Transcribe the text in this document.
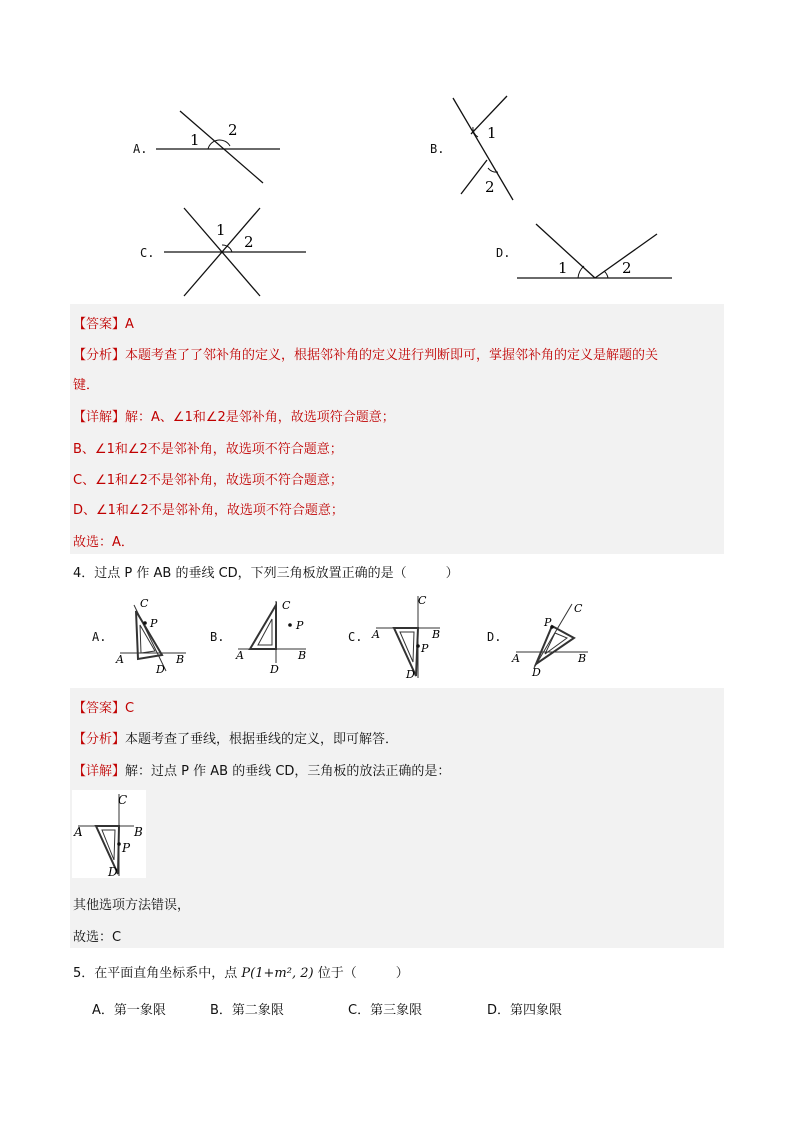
A.	1
2
B.
1
2
C.
1
2
D.
1	2
【答案】A
【分析】本题考查了了邻补角的定义，根据邻补角的定义进行判断即可，掌握邻补角的定义是解题的关
键．
【详解】解：A、∠1和∠2是邻补角，故选项符合题意；
B、∠1和∠2不是邻补角，故选项不符合题意；
C、∠1和∠2不是邻补角，故选项不符合题意；
D、∠1和∠2不是邻补角，故选项不符合题意；
故选：A．
4．过点 P 作 AB 的垂线 CD，下列三角板放置正确的是（　　　）
A.
C
P
A	B
D
B.
C
P
A	B
D
C.
C
P
A	B
D
D.
C
P
A	B
D
【答案】C
【分析】本题考查了垂线，根据垂线的定义，即可解答．
【详解】解：过点 P 作 AB 的垂线 CD，三角板的放法正确的是：
C
A	B
P
D
其他选项方法错误，
故选：C
5．在平面直角坐标系中，点 P(1+m², 2) 位于（　　　）
A．第一象限	B．第二象限	C．第三象限	D．第四象限
